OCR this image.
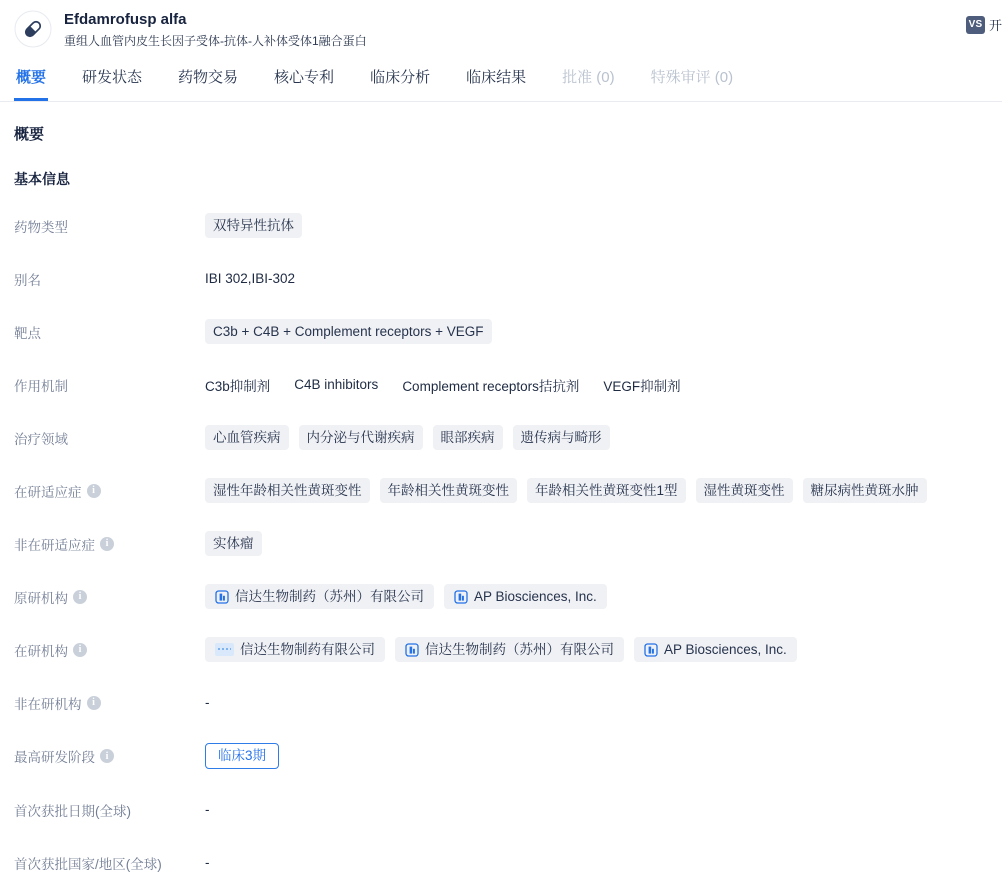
Efdamrofusp alfa
重组人血管内皮生长因子受体-抗体-人补体受体1融合蛋白
VS 开
概要 研发状态 药物交易 核心专利 临床分析 临床结果 批准 (0) 特殊审评 (0)
概要
基本信息
药物类型	双特异性抗体
别名	IBI 302,IBI-302
靶点	C3b + C4B + Complement receptors + VEGF
作用机制	C3b抑制剂 C4B inhibitors Complement receptors拮抗剂 VEGF抑制剂
治疗领域	心血管疾病	内分泌与代谢疾病	眼部疾病	遗传病与畸形
在研适应症	i	湿性年龄相关性黄斑变性	年龄相关性黄斑变性	年龄相关性黄斑变性1型	湿性黄斑变性	糖尿病性黄斑水肿
非在研适应症	i	实体瘤
原研机构	i	信达生物制药（苏州）有限公司	AP Biosciences, Inc.
在研机构	i	信达生物制药有限公司	信达生物制药（苏州）有限公司	AP Biosciences, Inc.
非在研机构	i	-
最高研发阶段	i	临床3期
首次获批日期(全球)	-
首次获批国家/地区(全球)	-
